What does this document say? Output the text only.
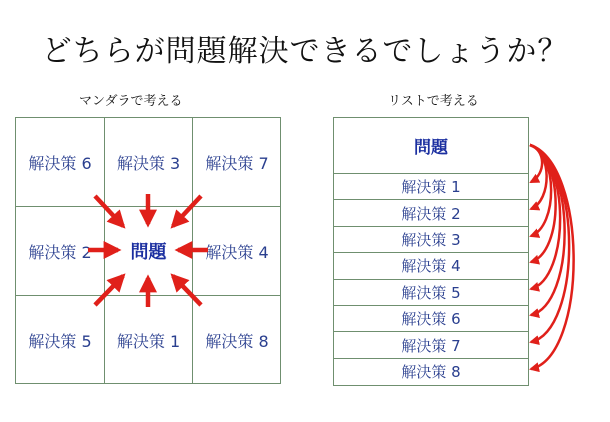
どちらが問題解決できるでしょうか？
マンダラで考える	リストで考える
解決策 6	解決策 3	解決策 7
解決策 2	問題	解決策 4
解決策 5	解決策 1	解決策 8
問題
解決策 1
解決策 2
解決策 3
解決策 4
解決策 5
解決策 6
解決策 7
解決策 8
